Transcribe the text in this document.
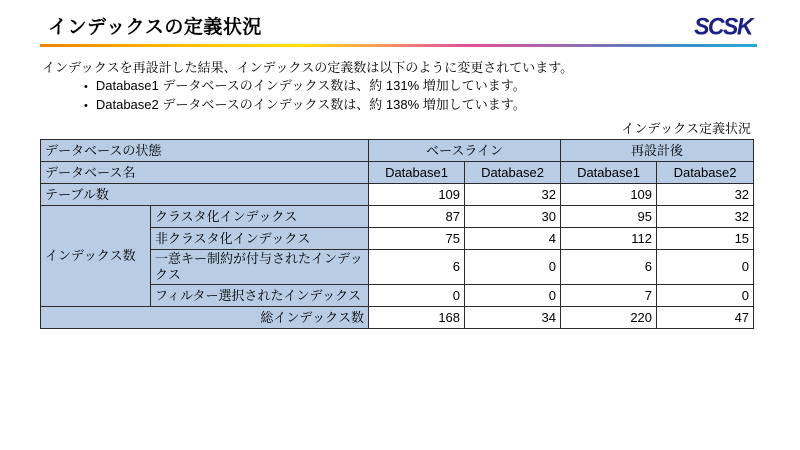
インデックスの定義状況	SCSK

インデックスを再設計した結果、インデックスの定義数は以下のように変更されています。

• Database1 データベースのインデックス数は、約 131% 増加しています。
• Database2 データベースのインデックス数は、約 138% 増加しています。
インデックス定義状況
データベースの状態		ベースライン		再設計後	
データベース名		Database1	Database2	Database1	Database2
テーブル数		109	32	109	32
インデックス数	クラスタ化インデックス	87	30	95	32
	非クラスタ化インデックス	75	4	112	15
	一意キー制約が付与されたインデックス	6	0	6	0
	フィルター選択されたインデックス	0	0	7	0
総インデックス数		168	34	220	47
